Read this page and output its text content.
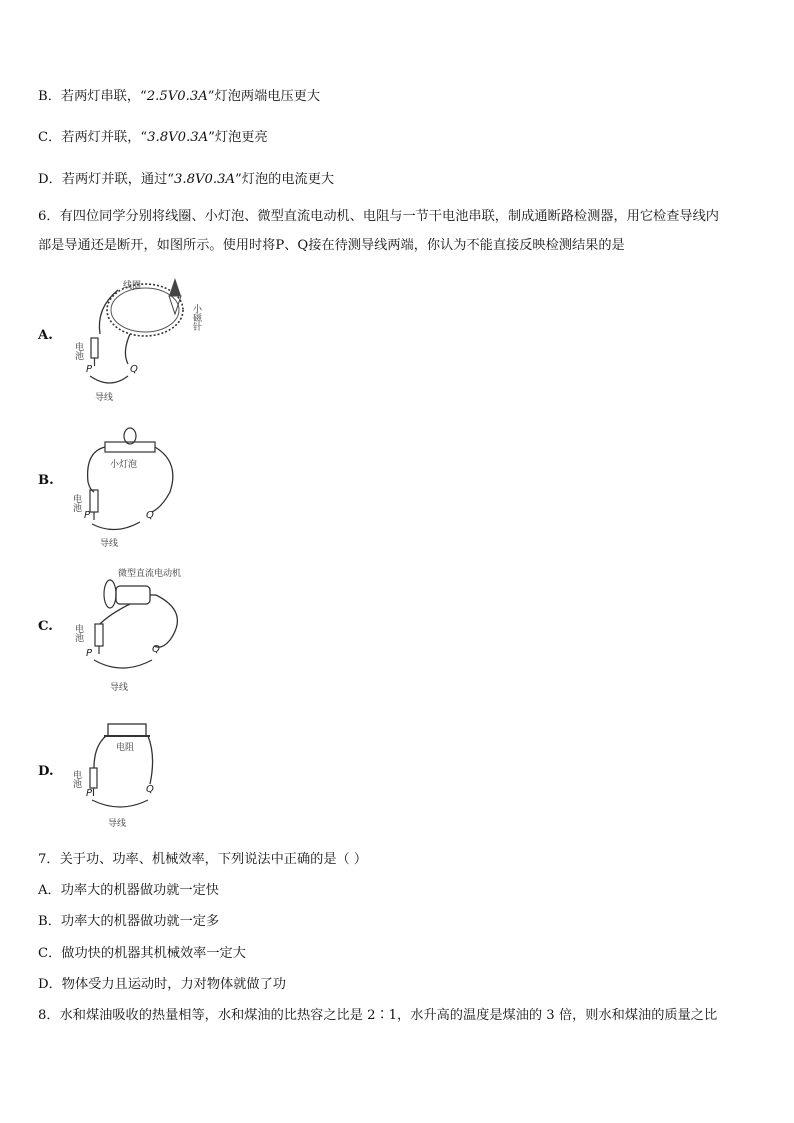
B．若两灯串联，“2.5V0.3A”灯泡两端电压更大
C．若两灯并联，“3.8V0.3A”灯泡更亮
D．若两灯并联，通过“3.8V0.3A”灯泡的电流更大
6．有四位同学分别将线圈、小灯泡、微型直流电动机、电阻与一节干电池串联，制成通断路检测器，用它检查导线内
部是导通还是断开，如图所示。使用时将P、Q接在待测导线两端，你认为不能直接反映检测结果的是
A.
线圈
小磁针
电池
P	Q
导线
B.
小灯泡
电池
P	Q
导线
C.
微型直流电动机
电池
P	Q
导线
D.
电阻
电池
P	Q
导线
7．关于功、功率、机械效率，下列说法中正确的是（ ）
A．功率大的机器做功就一定快
B．功率大的机器做功就一定多
C．做功快的机器其机械效率一定大
D．物体受力且运动时，力对物体就做了功
8．水和煤油吸收的热量相等，水和煤油的比热容之比是 2∶1，水升高的温度是煤油的 3 倍，则水和煤油的质量之比
